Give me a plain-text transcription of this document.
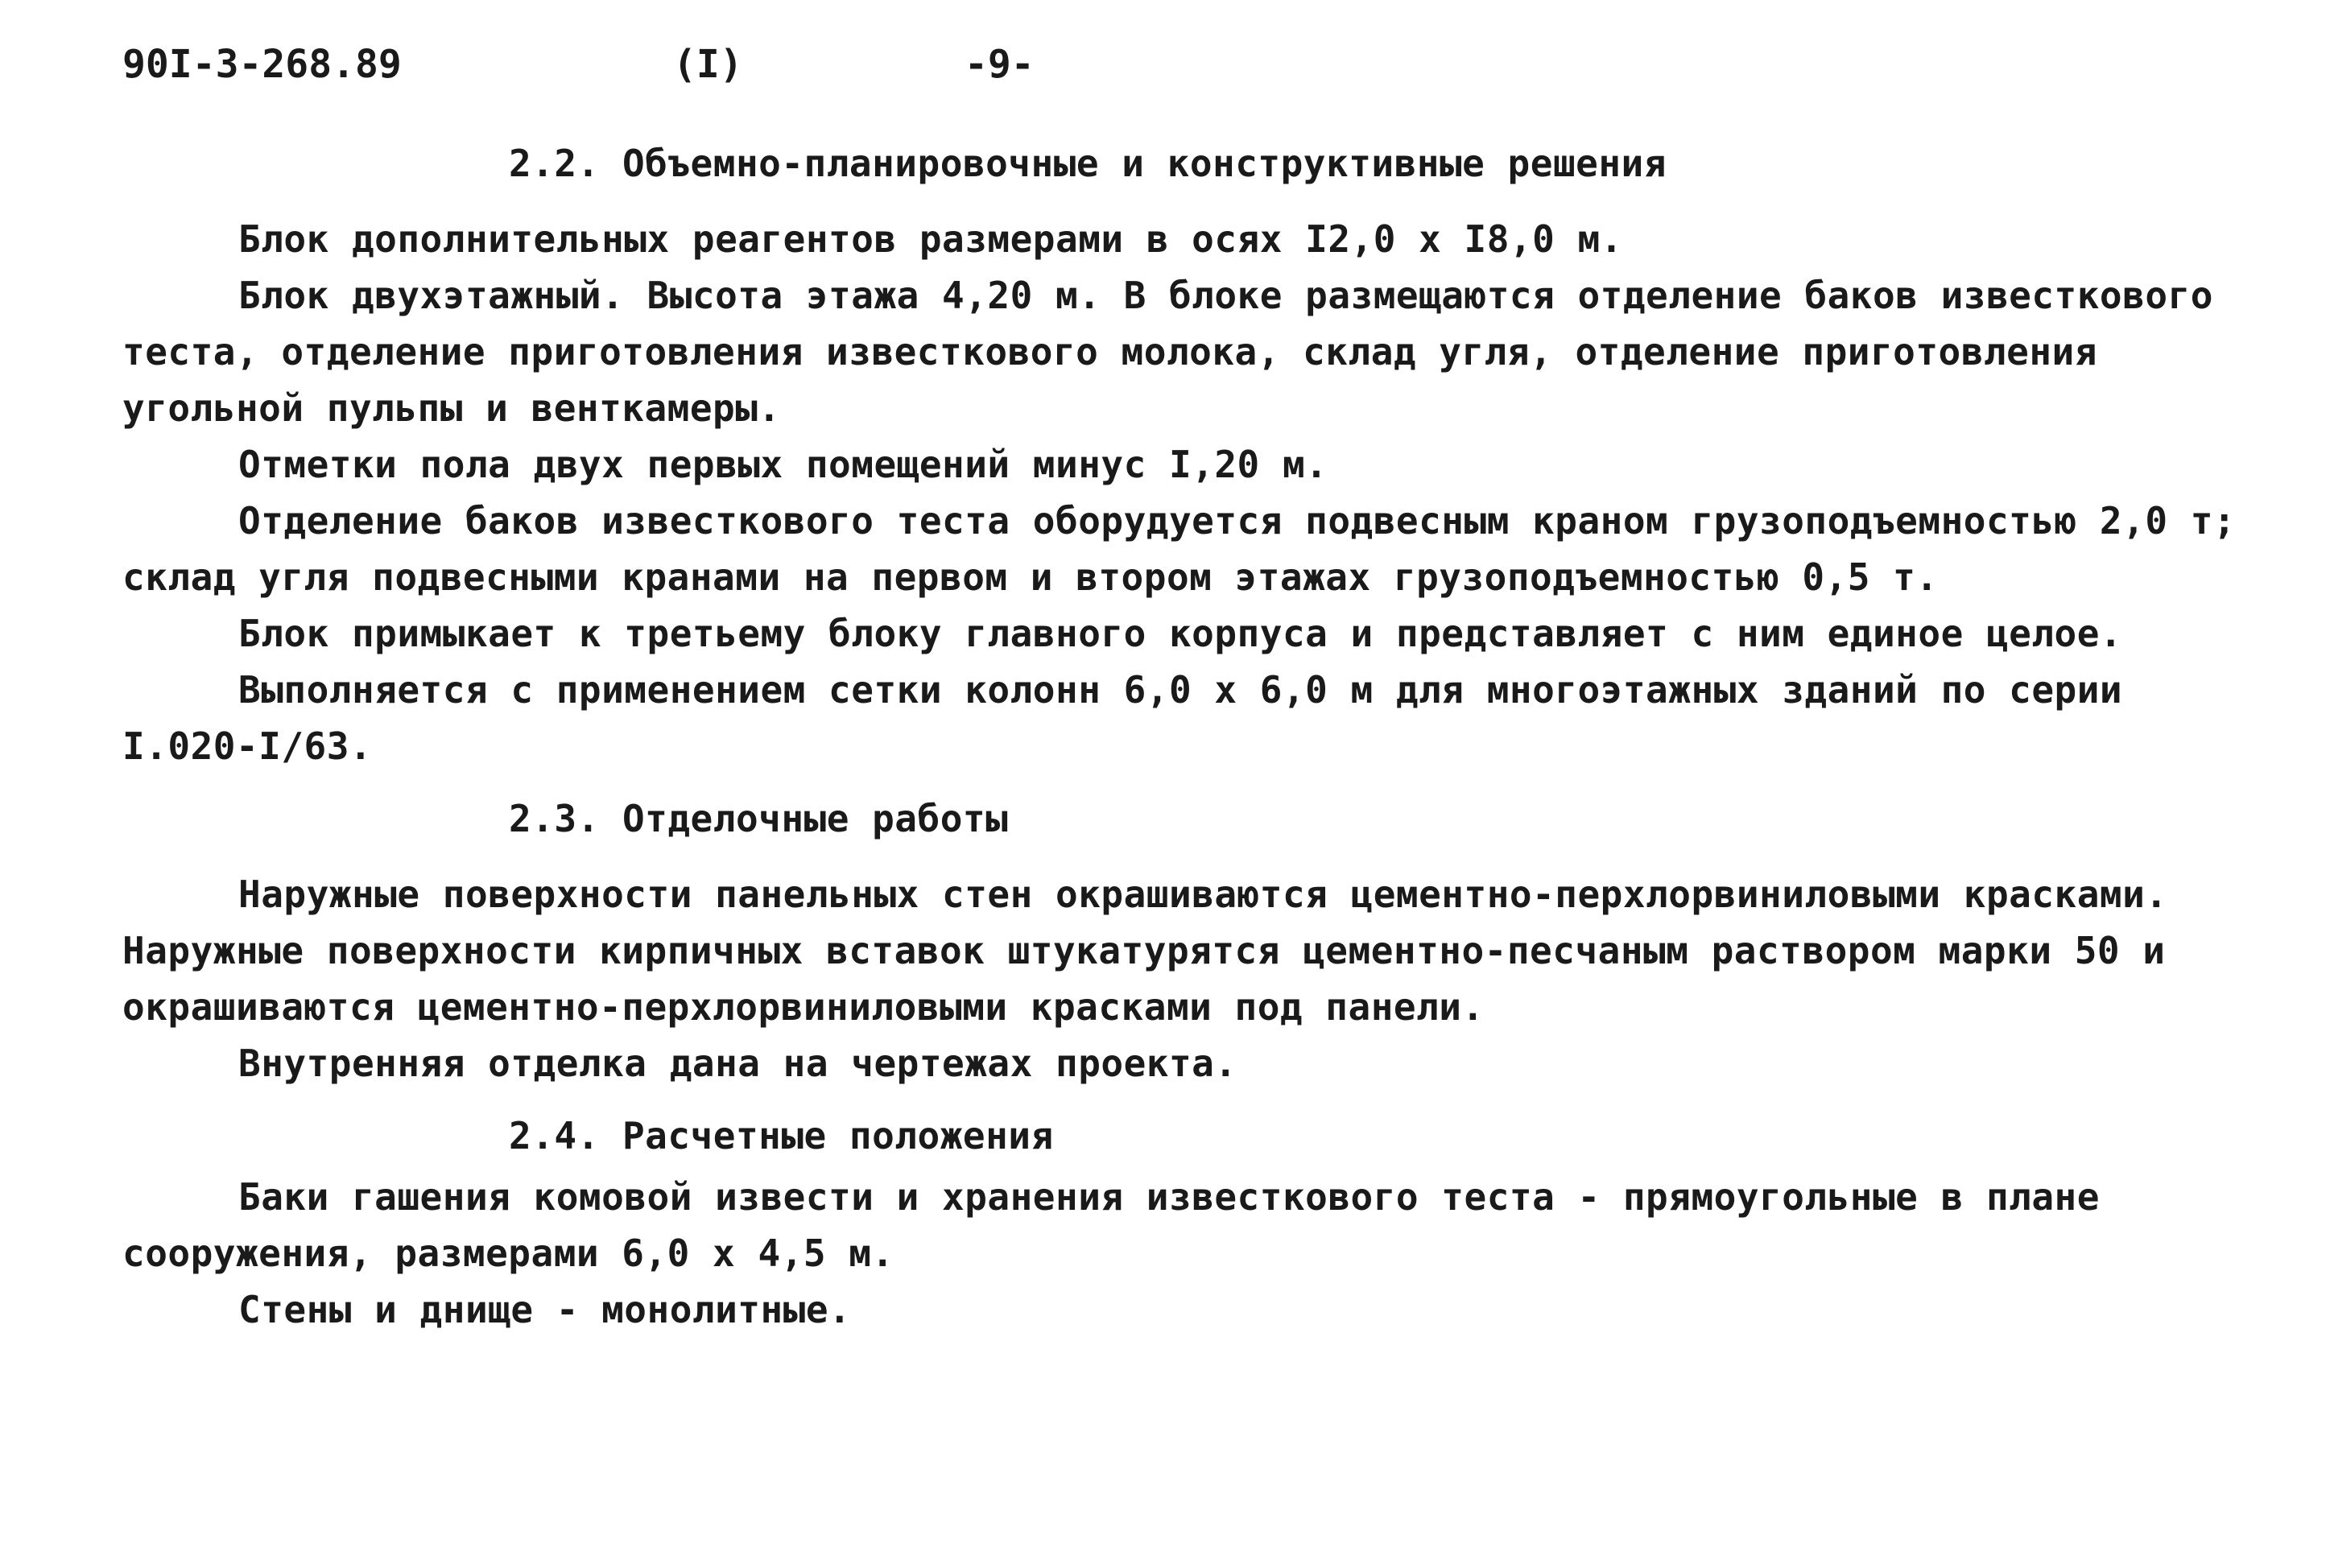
90I-3-268.89	(I)	-9-
2.2. Объемно-планировочные и конструктивные решения
Блок дополнительных реагентов размерами в осях I2,0 х I8,0 м.
Блок двухэтажный. Высота этажа 4,20 м. В блоке размещаются отделение баков известкового
теста, отделение приготовления известкового молока, склад угля, отделение приготовления
угольной пульпы и венткамеры.
Отметки пола двух первых помещений минус I,20 м.
Отделение баков известкового теста оборудуется подвесным краном грузоподъемностью 2,0 т;
склад угля подвесными кранами на первом и втором этажах грузоподъемностью 0,5 т.
Блок примыкает к третьему блоку главного корпуса и представляет с ним единое целое.
Выполняется с применением сетки колонн 6,0 х 6,0 м для многоэтажных зданий по серии
I.020-I/63.
2.3. Отделочные работы
Наружные поверхности панельных стен окрашиваются цементно-перхлорвиниловыми красками.
Наружные поверхности кирпичных вставок штукатурятся цементно-песчаным раствором марки 50 и
окрашиваются цементно-перхлорвиниловыми красками под панели.
Внутренняя отделка дана на чертежах проекта.
2.4. Расчетные положения
Баки гашения комовой извести и хранения известкового теста - прямоугольные в плане
сооружения, размерами 6,0 х 4,5 м.
Стены и днище - монолитные.
